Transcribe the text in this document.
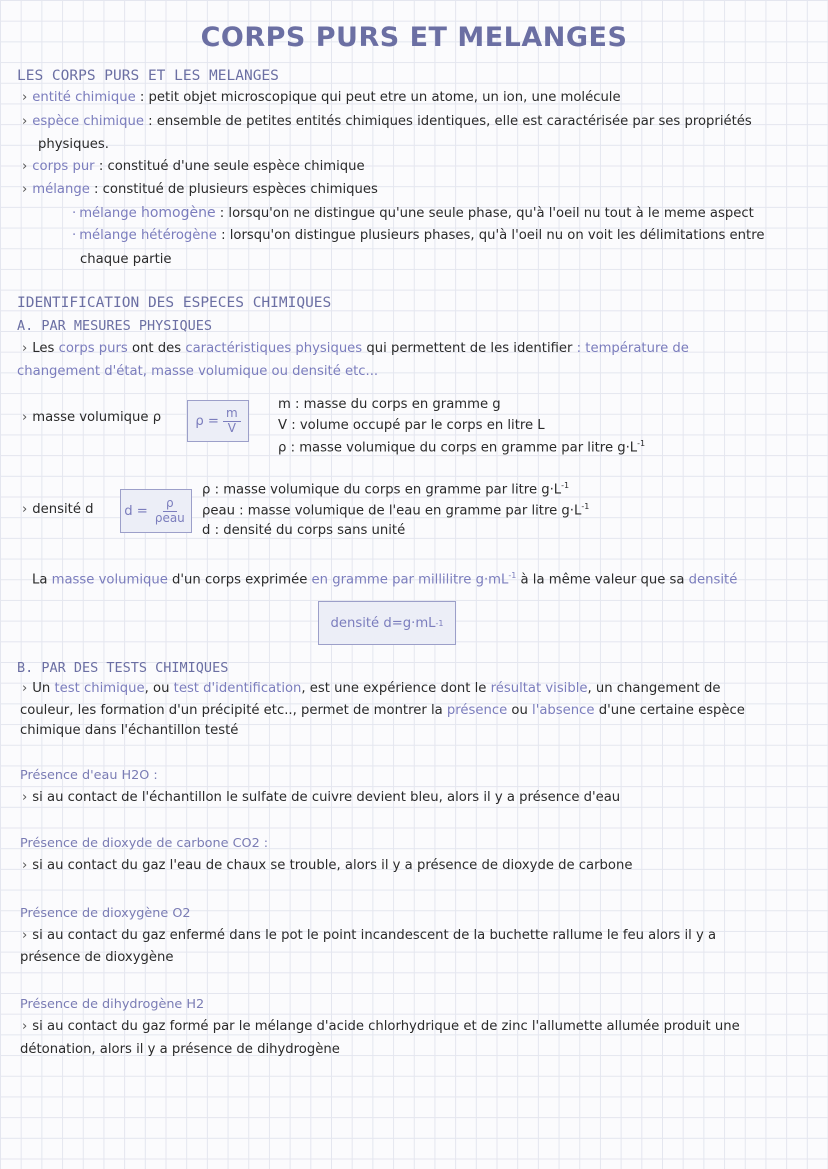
CORPS PURS ET MELANGES
LES CORPS PURS ET LES MELANGES
› entité chimique : petit objet microscopique qui peut etre un atome, un ion, une molécule
› espèce chimique : ensemble de petites entités chimiques identiques, elle est caractérisée par ses propriétés
physiques.
› corps pur : constitué d'une seule espèce chimique
› mélange : constitué de plusieurs espèces chimiques
· mélange homogène : lorsqu'on ne distingue qu'une seule phase, qu'à l'oeil nu tout à le meme aspect
· mélange hétérogène : lorsqu'on distingue plusieurs phases, qu'à l'oeil nu on voit les délimitations entre
chaque partie
IDENTIFICATION DES ESPECES CHIMIQUES
A. PAR MESURES PHYSIQUES
› Les corps purs ont des caractéristiques physiques qui permettent de les identifier : température de
changement d'état, masse volumique ou densité etc...
› masse volumique ρ	$\rho = \frac{m}{V}$
m : masse du corps en gramme g
V : volume occupé par le corps en litre L
ρ : masse volumique du corps en gramme par litre $g\cdot L^{-1}$
› densité d $d = \frac{\rho}{\text{ρeau}}$
ρ : masse volumique du corps en gramme par litre $g\cdot L^{-1}$
ρeau : masse volumique de l'eau en gramme par litre $g\cdot L^{-1}$
d : densité du corps sans unité
La masse volumique d'un corps exprimée en gramme par millilitre $g\cdot mL^{-1}$ à la même valeur que sa densité
densité d=g·mL -1
B. PAR DES TESTS CHIMIQUES
› Un test chimique, ou test d'identification, est une expérience dont le résultat visible, un changement de
couleur, les formation d'un précipité etc.., permet de montrer la présence ou l'absence d'une certaine espèce
chimique dans l'échantillon testé
Présence d'eau H2O :
› si au contact de l'échantillon le sulfate de cuivre devient bleu, alors il y a présence d'eau
Présence de dioxyde de carbone CO2 :
› si au contact du gaz l'eau de chaux se trouble, alors il y a présence de dioxyde de carbone
Présence de dioxygène O2
› si au contact du gaz enfermé dans le pot le point incandescent de la buchette rallume le feu alors il y a
présence de dioxygène
Présence de dihydrogène H2
› si au contact du gaz formé par le mélange d'acide chlorhydrique et de zinc l'allumette allumée produit une
détonation, alors il y a présence de dihydrogène
